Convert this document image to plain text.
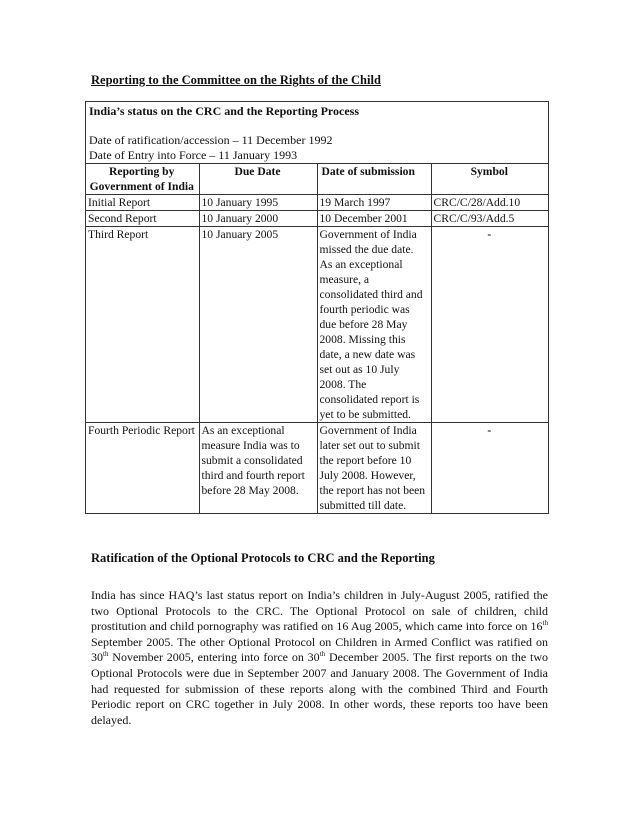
Reporting to the Committee on the Rights of the Child
India’s status on the CRC and the Reporting Process
Date of ratification/accession – 11 December 1992
Date of Entry into Force – 11 January 1993
Reporting by Government of India	Due Date	Date of submission	Symbol
Initial Report	10 January 1995	19 March 1997	CRC/C/28/Add.10
Second Report	10 January 2000	10 December 2001	CRC/C/93/Add.5
Third Report	10 January 2005	Government of India missed the due date. As an exceptional measure, a consolidated third and fourth periodic was due before 28 May 2008. Missing this date, a new date was set out as 10 July 2008. The consolidated report is yet to be submitted.	-
Fourth Periodic Report	As an exceptional measure India was to submit a consolidated third and fourth report before 28 May 2008.	Government of India later set out to submit the report before 10 July 2008. However, the report has not been submitted till date.	-
Ratification of the Optional Protocols to CRC and the Reporting
India has since HAQ’s last status report on India’s children in July-August 2005, ratified the two Optional Protocols to the CRC. The Optional Protocol on sale of children, child prostitution and child pornography was ratified on 16 Aug 2005, which came into force on 16th September 2005. The other Optional Protocol on Children in Armed Conflict was ratified on 30th November 2005, entering into force on 30th December 2005. The first reports on the two Optional Protocols were due in September 2007 and January 2008. The Government of India had requested for submission of these reports along with the combined Third and Fourth Periodic report on CRC together in July 2008. In other words, these reports too have been delayed.
